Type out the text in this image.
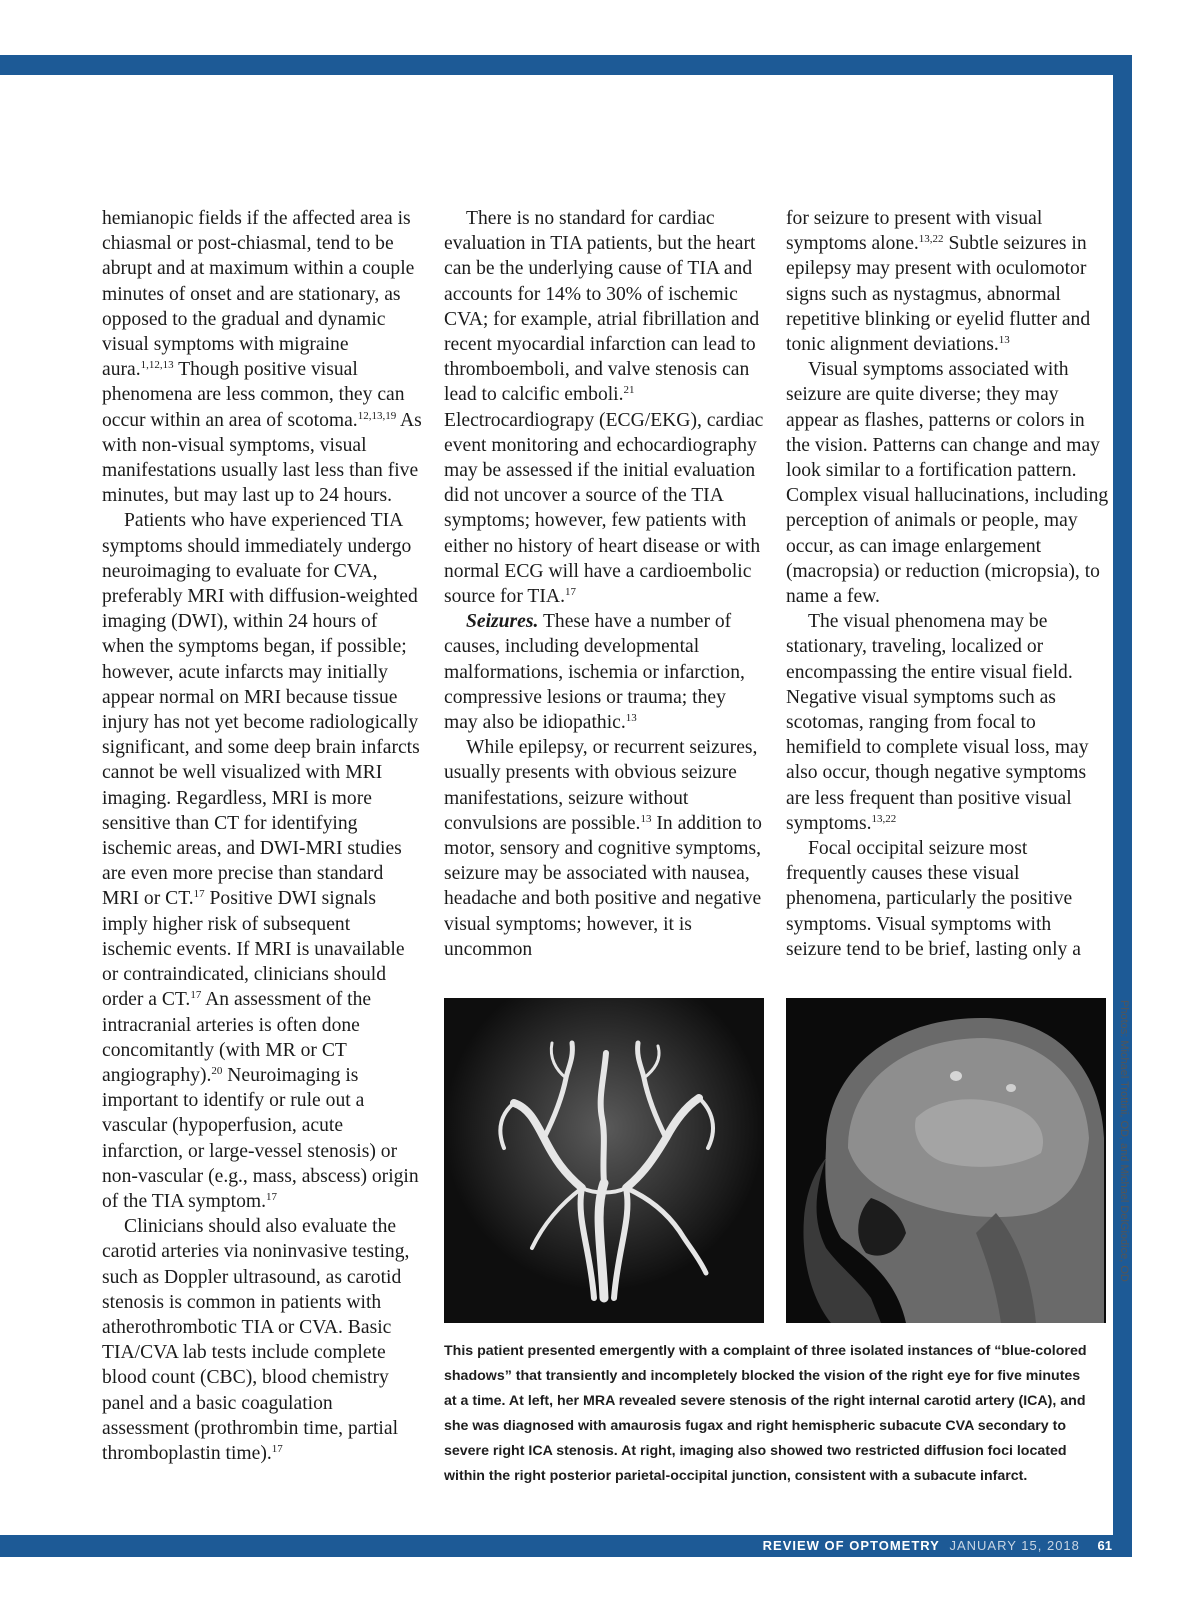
hemianopic fields if the affected area is chiasmal or post-chiasmal, tend to be abrupt and at maximum within a couple minutes of onset and are stationary, as opposed to the gradual and dynamic visual symptoms with migraine aura.$^{1,12,13}$ Though positive visual phenomena are less common, they can occur within an area of scotoma.$^{12,13,19}$ As with non-visual symptoms, visual manifestations usually last less than five minutes, but may last up to 24 hours.

Patients who have experienced TIA symptoms should immediately undergo neuroimaging to evaluate for CVA, preferably MRI with diffusion-weighted imaging (DWI), within 24 hours of when the symptoms began, if possible; however, acute infarcts may initially appear normal on MRI because tissue injury has not yet become radiologically significant, and some deep brain infarcts cannot be well visualized with MRI imaging. Regardless, MRI is more sensitive than CT for identifying ischemic areas, and DWI-MRI studies are even more precise than standard MRI or CT.$^{17}$ Positive DWI signals imply higher risk of subsequent ischemic events. If MRI is unavailable or contraindicated, clinicians should order a CT.$^{17}$ An assessment of the intracranial arteries is often done concomitantly (with MR or CT angiography).$^{20}$ Neuroimaging is important to identify or rule out a vascular (hypoperfusion, acute infarction, or large-vessel stenosis) or non-vascular (e.g., mass, abscess) origin of the TIA symptom.$^{17}$

Clinicians should also evaluate the carotid arteries via noninvasive testing, such as Doppler ultrasound, as carotid stenosis is common in patients with atherothrombotic TIA or CVA. Basic TIA/CVA lab tests include complete blood count (CBC), blood chemistry panel and a basic coagulation assessment (prothrombin time, partial thromboplastin time).$^{17}$

There is no standard for cardiac evaluation in TIA patients, but the heart can be the underlying cause of TIA and accounts for 14% to 30% of ischemic CVA; for example, atrial fibrillation and recent myocardial infarction can lead to thromboemboli, and valve stenosis can lead to calcific emboli.$^{21}$ Electrocardiograpy (ECG/EKG), cardiac event monitoring and echocardiography may be assessed if the initial evaluation did not uncover a source of the TIA symptoms; however, few patients with either no history of heart disease or with normal ECG will have a cardioembolic source for TIA.$^{17}$

Seizures. These have a number of causes, including developmental malformations, ischemia or infarction, compressive lesions or trauma; they may also be idiopathic.$^{13}$

While epilepsy, or recurrent seizures, usually presents with obvious seizure manifestations, seizure without convulsions are possible.$^{13}$ In addition to motor, sensory and cognitive symptoms, seizure may be associated with nausea, headache and both positive and negative visual symptoms; however, it is uncommon

for seizure to present with visual symptoms alone.$^{13,22}$ Subtle seizures in epilepsy may present with oculomotor signs such as nystagmus, abnormal repetitive blinking or eyelid flutter and tonic alignment deviations.$^{13}$

Visual symptoms associated with seizure are quite diverse; they may appear as flashes, patterns or colors in the vision. Patterns can change and may look similar to a fortification pattern. Complex visual hallucinations, including perception of animals or people, may occur, as can image enlargement (macropsia) or reduction (micropsia), to name a few.

The visual phenomena may be stationary, traveling, localized or encompassing the entire visual field. Negative visual symptoms such as scotomas, ranging from focal to hemifield to complete visual loss, may also occur, though negative symptoms are less frequent than positive visual symptoms.$^{13,22}$

Focal occipital seizure most frequently causes these visual phenomena, particularly the positive symptoms. Visual symptoms with seizure tend to be brief, lasting only a

Photos: Michael Trottini, OD, and Michael DelGiodice, OD
This patient presented emergently with a complaint of three isolated instances of “blue-colored shadows” that transiently and incompletely blocked the vision of the right eye for five minutes at a time. At left, her MRA revealed severe stenosis of the right internal carotid artery (ICA), and she was diagnosed with amaurosis fugax and right hemispheric subacute CVA secondary to severe right ICA stenosis. At right, imaging also showed two restricted diffusion foci located within the right posterior parietal-occipital junction, consistent with a subacute infarct.
REVIEW OF OPTOMETRY JANUARY 15, 2018 61
